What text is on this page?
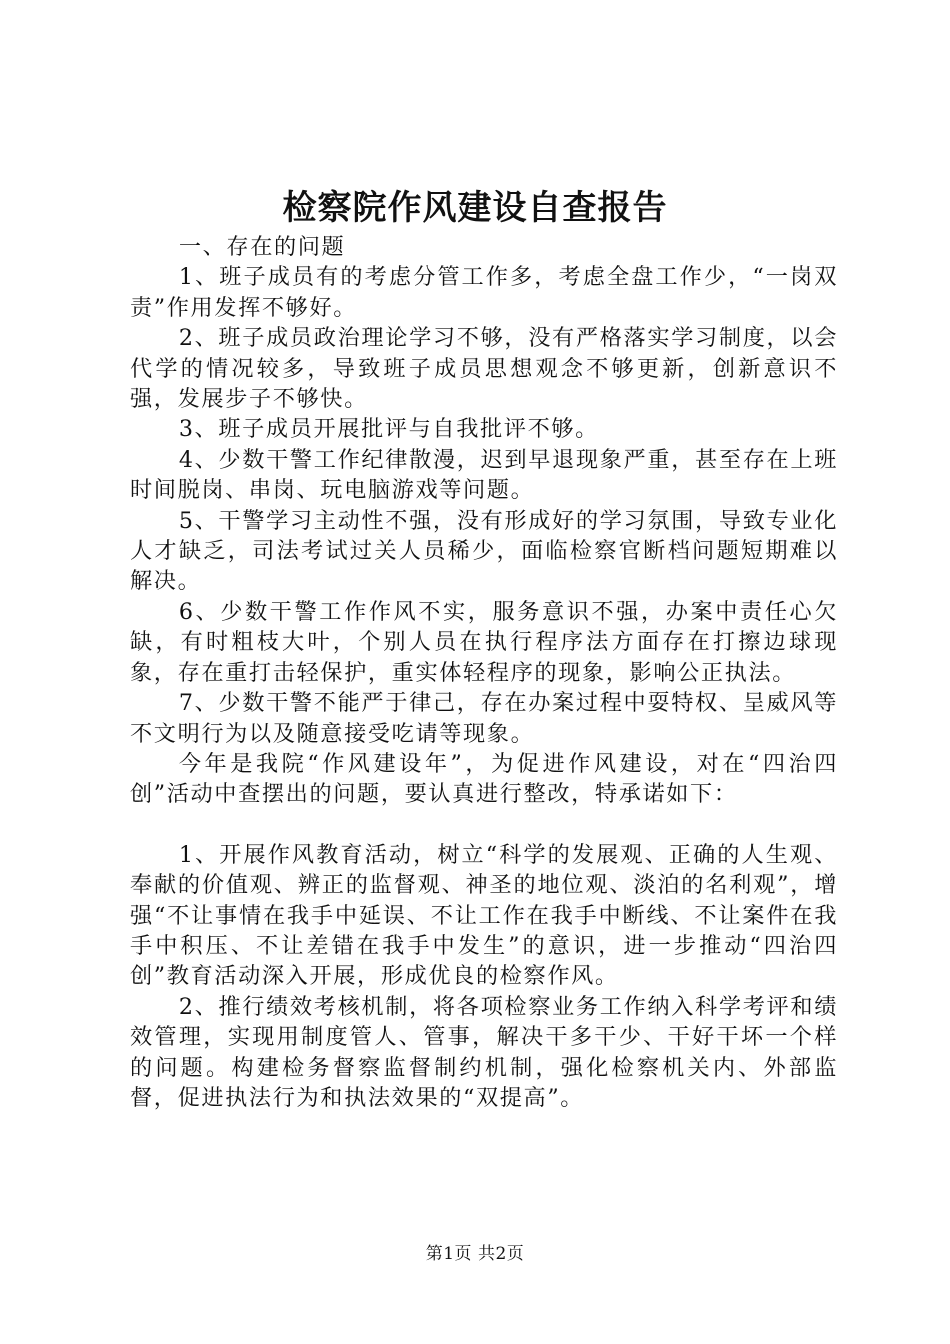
检察院作风建设自查报告

一、存在的问题

1、班子成员有的考虑分管工作多，考虑全盘工作少，“一岗双责”作用发挥不够好。

2、班子成员政治理论学习不够，没有严格落实学习制度，以会代学的情况较多，导致班子成员思想观念不够更新，创新意识不强，发展步子不够快。

3、班子成员开展批评与自我批评不够。

4、少数干警工作纪律散漫，迟到早退现象严重，甚至存在上班时间脱岗、串岗、玩电脑游戏等问题。

5、干警学习主动性不强，没有形成好的学习氛围，导致专业化人才缺乏，司法考试过关人员稀少，面临检察官断档问题短期难以解决。

6、少数干警工作作风不实，服务意识不强，办案中责任心欠缺，有时粗枝大叶，个别人员在执行程序法方面存在打擦边球现象，存在重打击轻保护，重实体轻程序的现象，影响公正执法。

7、少数干警不能严于律己，存在办案过程中耍特权、呈威风等不文明行为以及随意接受吃请等现象。

今年是我院“作风建设年”，为促进作风建设，对在“四治四创”活动中查摆出的问题，要认真进行整改，特承诺如下：

1、开展作风教育活动，树立“科学的发展观、正确的人生观、奉献的价值观、辨正的监督观、神圣的地位观、淡泊的名利观”，增强“不让事情在我手中延误、不让工作在我手中断线、不让案件在我手中积压、不让差错在我手中发生”的意识，进一步推动“四治四创”教育活动深入开展，形成优良的检察作风。

2、推行绩效考核机制，将各项检察业务工作纳入科学考评和绩效管理，实现用制度管人、管事，解决干多干少、干好干坏一个样的问题。构建检务督察监督制约机制，强化检察机关内、外部监督，促进执法行为和执法效果的“双提高”。

第1页 共2页
